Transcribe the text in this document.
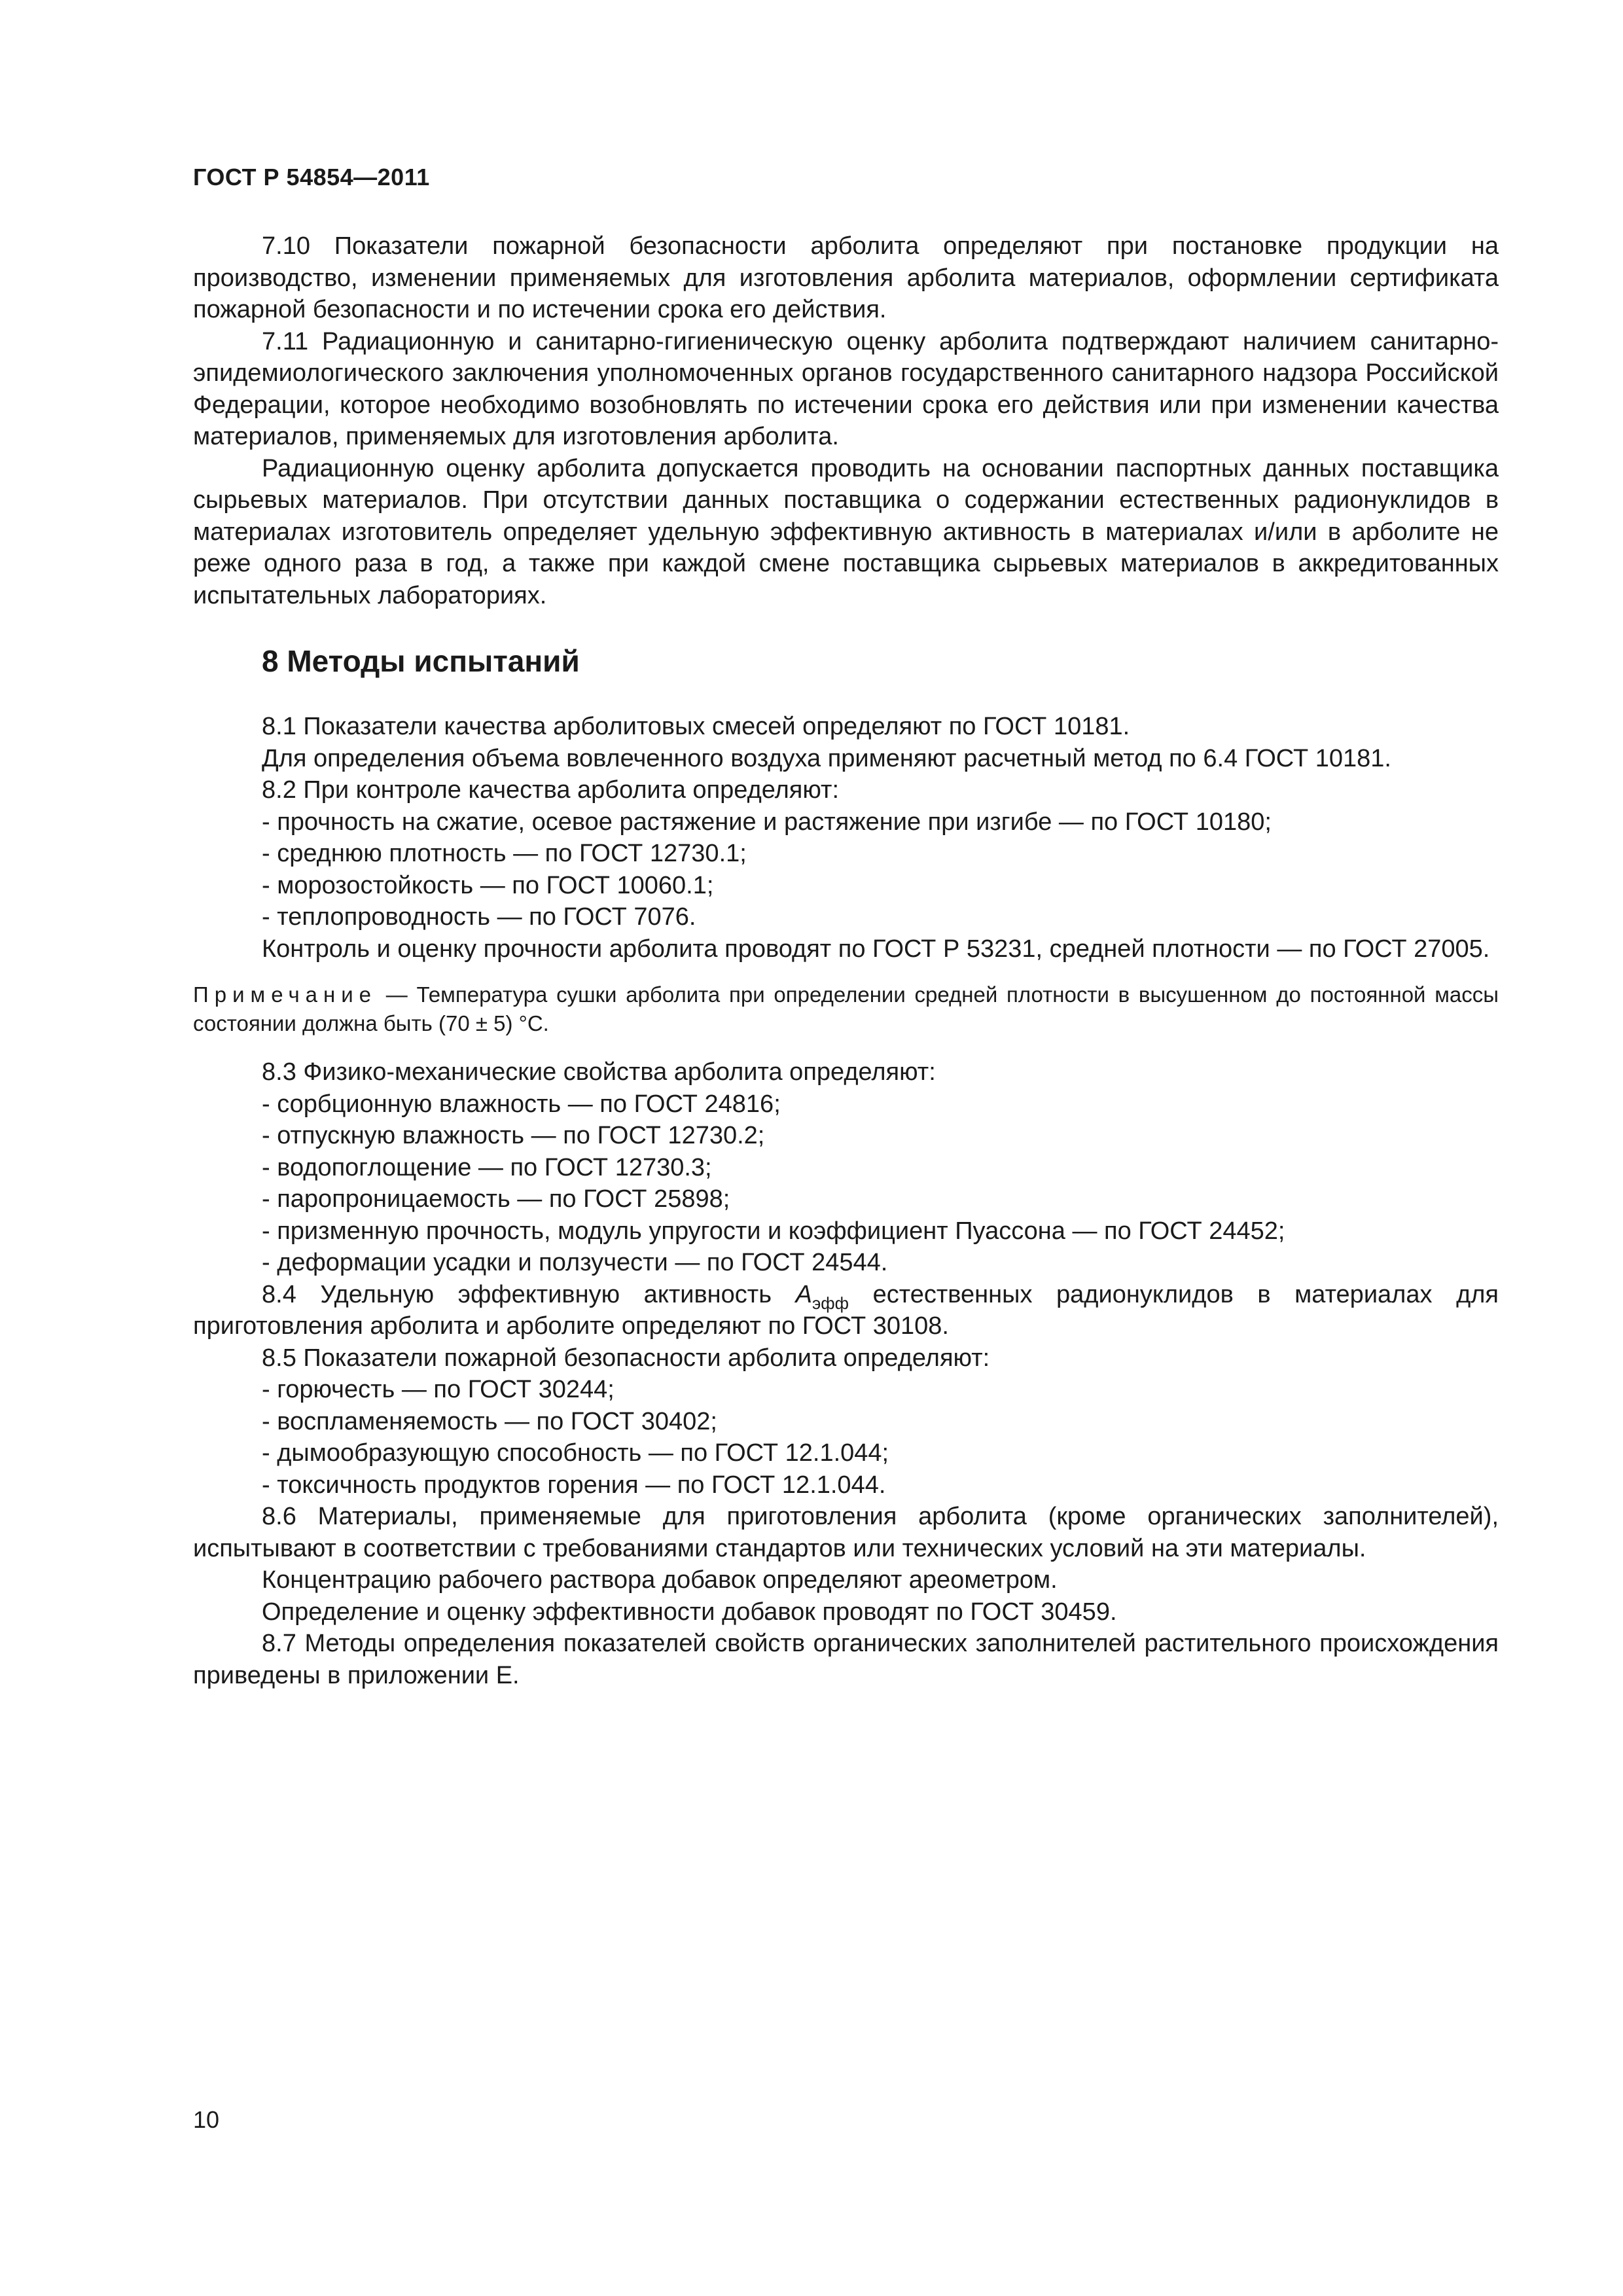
ГОСТ Р 54854—2011

7.10 Показатели пожарной безопасности арболита определяют при постановке продукции на производство, изменении применяемых для изготовления арболита материалов, оформлении сертификата пожарной безопасности и по истечении срока его действия.

7.11 Радиационную и санитарно-гигиеническую оценку арболита подтверждают наличием санитарно-эпидемиологического заключения уполномоченных органов государственного санитарного надзора Российской Федерации, которое необходимо возобновлять по истечении срока его действия или при изменении качества материалов, применяемых для изготовления арболита.

Радиационную оценку арболита допускается проводить на основании паспортных данных поставщика сырьевых материалов. При отсутствии данных поставщика о содержании естественных радионуклидов в материалах изготовитель определяет удельную эффективную активность в материалах и/или в арболите не реже одного раза в год, а также при каждой смене поставщика сырьевых материалов в аккредитованных испытательных лабораториях.

8 Методы испытаний

8.1 Показатели качества арболитовых смесей определяют по ГОСТ 10181.

Для определения объема вовлеченного воздуха применяют расчетный метод по 6.4 ГОСТ 10181.

8.2 При контроле качества арболита определяют:

- прочность на сжатие, осевое растяжение и растяжение при изгибе — по ГОСТ 10180;

- среднюю плотность — по ГОСТ 12730.1;

- морозостойкость — по ГОСТ 10060.1;

- теплопроводность — по ГОСТ 7076.

Контроль и оценку прочности арболита проводят по ГОСТ Р 53231, средней плотности — по ГОСТ 27005.

Примечание — Температура сушки арболита при определении средней плотности в высушенном до постоянной массы состоянии должна быть (70 ± 5) °С.

8.3 Физико-механические свойства арболита определяют:

- сорбционную влажность — по ГОСТ 24816;

- отпускную влажность — по ГОСТ 12730.2;

- водопоглощение — по ГОСТ 12730.3;

- паропроницаемость — по ГОСТ 25898;

- призменную прочность, модуль упругости и коэффициент Пуассона — по ГОСТ 24452;

- деформации усадки и ползучести — по ГОСТ 24544.

8.4 Удельную эффективную активность $A_{эфф}$ естественных радионуклидов в материалах для приготовления арболита и арболите определяют по ГОСТ 30108.

8.5 Показатели пожарной безопасности арболита определяют:

- горючесть — по ГОСТ 30244;

- воспламеняемость — по ГОСТ 30402;

- дымообразующую способность — по ГОСТ 12.1.044;

- токсичность продуктов горения — по ГОСТ 12.1.044.

8.6 Материалы, применяемые для приготовления арболита (кроме органических заполнителей), испытывают в соответствии с требованиями стандартов или технических условий на эти материалы.

Концентрацию рабочего раствора добавок определяют ареометром.

Определение и оценку эффективности добавок проводят по ГОСТ 30459.

8.7 Методы определения показателей свойств органических заполнителей растительного происхождения приведены в приложении Е.

10
